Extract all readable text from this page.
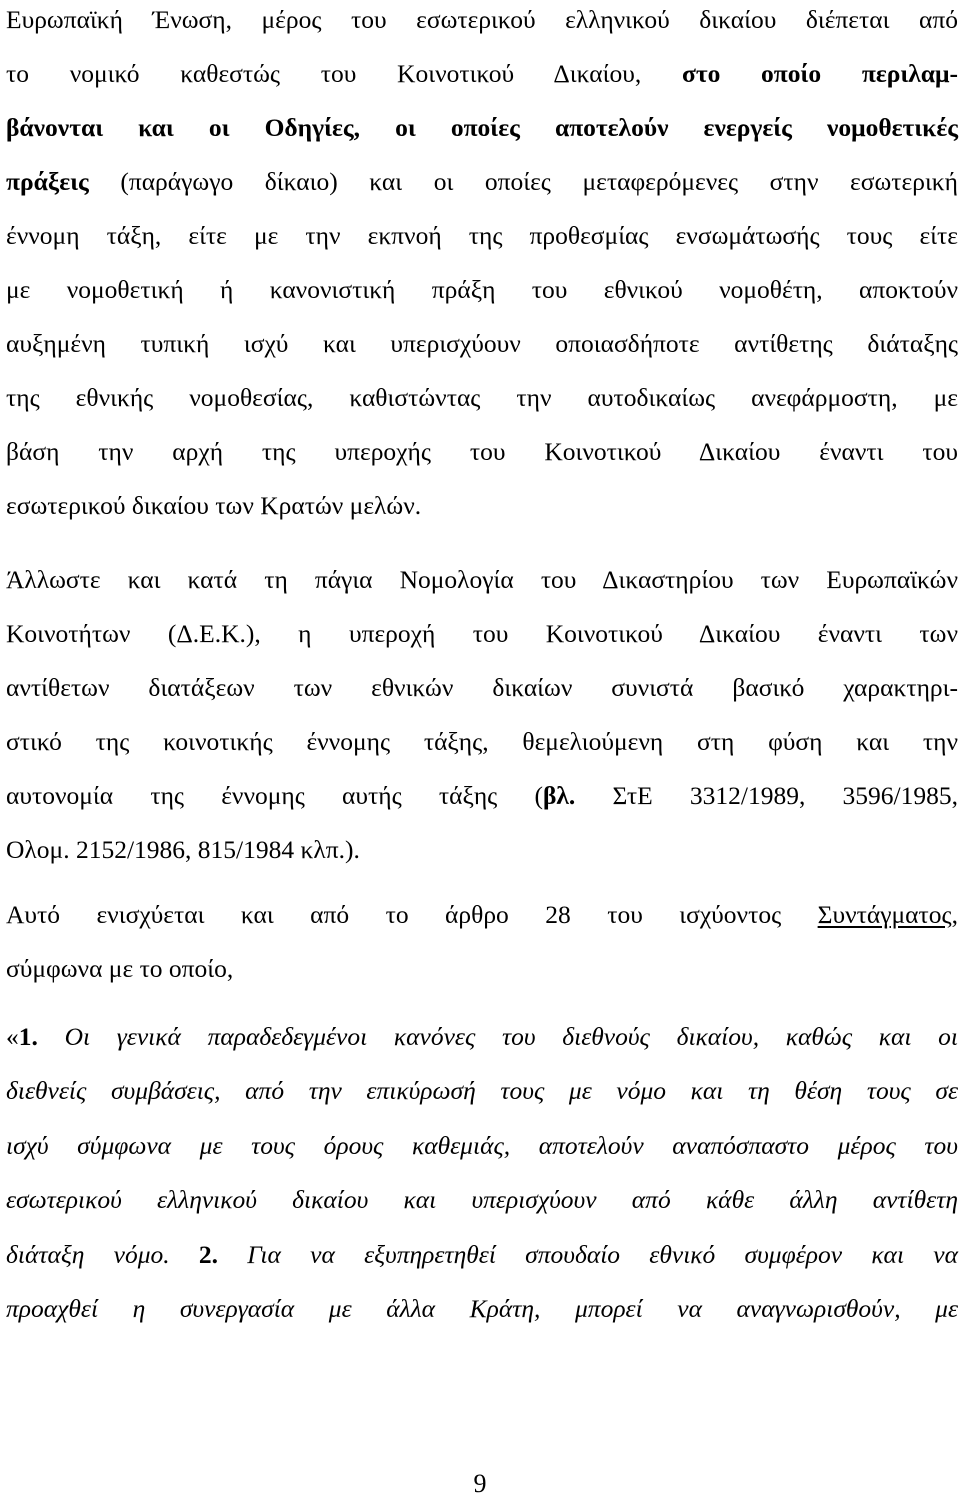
Ευρωπαϊκή Ένωση, μέρος του εσωτερικού ελληνικού δικαίου διέπεται από
το νομικό καθεστώς του Κοινοτικού Δικαίου, στο οποίο περιλαμ-
βάνονται και οι Οδηγίες, οι οποίες αποτελούν ενεργείς νομοθετικές
πράξεις (παράγωγο δίκαιο) και οι οποίες μεταφερόμενες στην εσωτερική
έννομη τάξη, είτε με την εκπνοή της προθεσμίας ενσωμάτωσής τους είτε
με νομοθετική ή κανονιστική πράξη του εθνικού νομοθέτη, αποκτούν
αυξημένη τυπική ισχύ και υπερισχύουν οποιασδήποτε αντίθετης διάταξης
της εθνικής νομοθεσίας, καθιστώντας την αυτοδικαίως ανεφάρμοστη, με
βάση την αρχή της υπεροχής του Κοινοτικού Δικαίου έναντι του
εσωτερικού δικαίου των Κρατών μελών.
Άλλωστε και κατά τη πάγια Νομολογία του Δικαστηρίου των Ευρωπαϊκών
Κοινοτήτων (Δ.Ε.Κ.), η υπεροχή του Κοινοτικού Δικαίου έναντι των
αντίθετων διατάξεων των εθνικών δικαίων συνιστά βασικό χαρακτηρι-
στικό της κοινοτικής έννομης τάξης, θεμελιούμενη στη φύση και την
αυτονομία της έννομης αυτής τάξης (βλ. ΣτΕ 3312/1989, 3596/1985,
Ολομ. 2152/1986, 815/1984 κλπ.).
Αυτό ενισχύεται και από το άρθρο 28 του ισχύοντος Συντάγματος,
σύμφωνα με το οποίο,
«1. Οι γενικά παραδεδεγμένοι κανόνες του διεθνούς δικαίου, καθώς και οι
διεθνείς συμβάσεις, από την επικύρωσή τους με νόμο και τη θέση τους σε
ισχύ σύμφωνα με τους όρους καθεμιάς, αποτελούν αναπόσπαστο μέρος του
εσωτερικού ελληνικού δικαίου και υπερισχύουν από κάθε άλλη αντίθετη
διάταξη νόμο. 2. Για να εξυπηρετηθεί σπουδαίο εθνικό συμφέρον και να
προαχθεί η συνεργασία με άλλα Κράτη, μπορεί να αναγνωρισθούν, με
9
